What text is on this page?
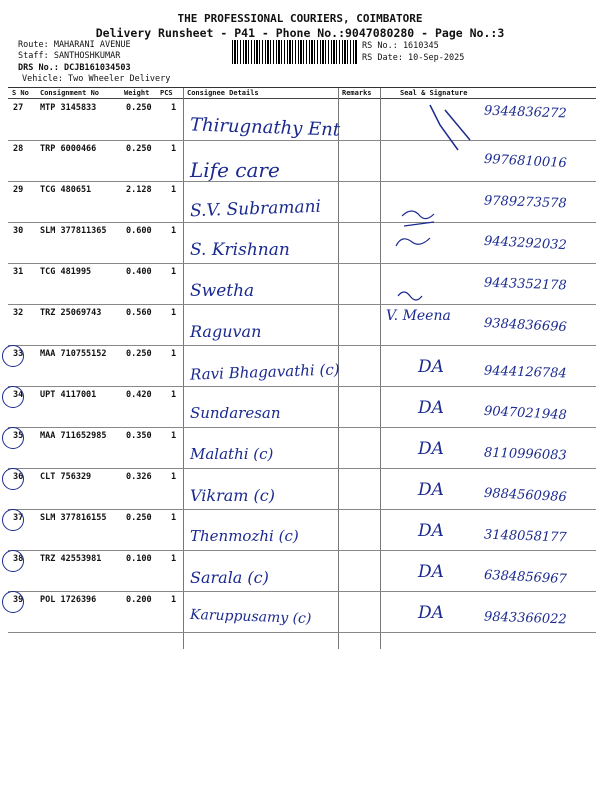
THE PROFESSIONAL COURIERS, COIMBATORE
Delivery Runsheet - P41 - Phone No.:9047080280 - Page No.:3
Route: MAHARANI AVENUE
Staff: SANTHOSHKUMAR
DRS No.: DCJB161034503
Vehicle: Two Wheeler Delivery
RS No.: 1610345
RS Date: 10-Sep-2025
S No Consignment No	Weight PCS Consignee Details	Remarks	Seal & Signature
27 MTP 3145833	0.250 1
Thirugnathy Ent
9344836272
28 TRP 6000466	0.250 1
Life care	9976810016
29 TCG 480651	2.128 1
S.V. Subramani	9789273578
30 SLM 377811365 0.600 1
S. Krishnan	9443292032
31 TCG 481995	0.400 1
Swetha	9443352178
32 TRZ 25069743	0.560 1
Raguvan
V. Meena	9384836696
33 MAA 710755152 0.250 1
Ravi Bhagavathi (c)	DA	9444126784
34 UPT 4117001	0.420 1
Sundaresan	DA	9047021948
35 MAA 711652985 0.350 1
Malathi (c)	DA	8110996083
36 CLT 756329	0.326 1
Vikram (c)	DA	9884560986
37 SLM 377816155 0.250 1
Thenmozhi (c)	DA	3148058177
38 TRZ 42553981	0.100 1
Sarala (c)	DA	6384856967
39 POL 1726396	0.200 1
Karuppusamy (c)	DA	9843366022
